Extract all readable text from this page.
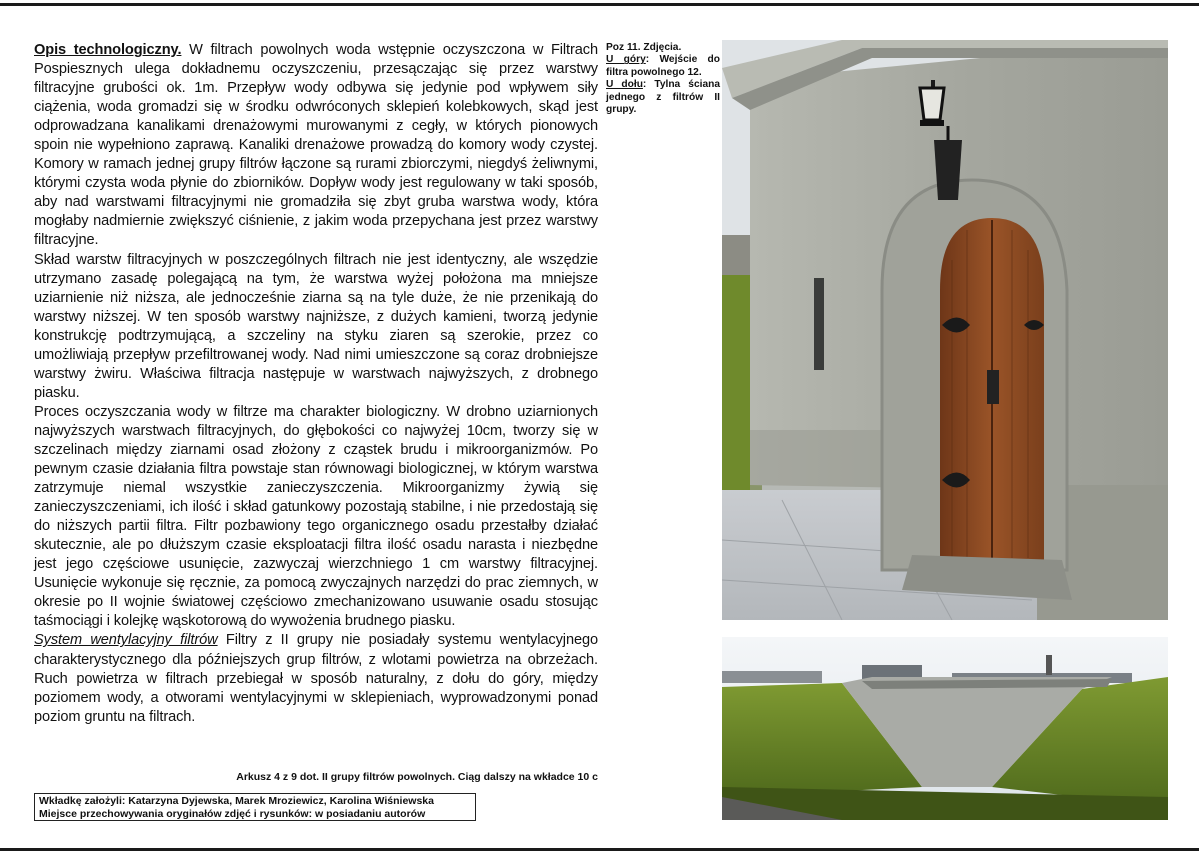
Opis technologiczny. W filtrach powolnych woda wstępnie oczyszczona w Filtrach Pospiesznych ulega dokładnemu oczyszczeniu, przesączając się przez warstwy filtracyjne grubości ok. 1m. Przepływ wody odbywa się jedynie pod wpływem siły ciążenia, woda gromadzi się w środku odwróconych sklepień kolebkowych, skąd jest odprowadzana kanalikami drenażowymi murowanymi z cegły, w których pionowych spoin nie wypełniono zaprawą. Kanaliki drenażowe prowadzą do komory wody czystej. Komory w ramach jednej grupy filtrów łączone są rurami zbiorczymi, niegdyś żeliwnymi, którymi czysta woda płynie do zbiorników. Dopływ wody jest regulowany w taki sposób, aby nad warstwami filtracyjnymi nie gromadziła się zbyt gruba warstwa wody, która mogłaby nadmiernie zwiększyć ciśnienie, z jakim woda przepychana jest przez warstwy filtracyjne.

Skład warstw filtracyjnych w poszczególnych filtrach nie jest identyczny, ale wszędzie utrzymano zasadę polegającą na tym, że warstwa wyżej położona ma mniejsze uziarnienie niż niższa, ale jednocześnie ziarna są na tyle duże, że nie przenikają do warstwy niższej. W ten sposób warstwy najniższe, z dużych kamieni, tworzą jedynie konstrukcję podtrzymującą, a szczeliny na styku ziaren są szerokie, przez co umożliwiają przepływ przefiltrowanej wody. Nad nimi umieszczone są coraz drobniejsze warstwy żwiru. Właściwa filtracja następuje w warstwach najwyższych, z drobnego piasku.

Proces oczyszczania wody w filtrze ma charakter biologiczny. W drobno uziarnionych najwyższych warstwach filtracyjnych, do głębokości co najwyżej 10cm, tworzy się w szczelinach między ziarnami osad złożony z cząstek brudu i mikroorganizmów. Po pewnym czasie działania filtra powstaje stan równowagi biologicznej, w którym warstwa zatrzymuje niemal wszystkie zanieczyszczenia. Mikroorganizmy żywią się zanieczyszczeniami, ich ilość i skład gatunkowy pozostają stabilne, i nie przedostają się do niższych partii filtra. Filtr pozbawiony tego organicznego osadu przestałby działać skutecznie, ale po dłuższym czasie eksploatacji filtra ilość osadu narasta i niezbędne jest jego częściowe usunięcie, zazwyczaj wierzchniego 1 cm warstwy filtracyjnej. Usunięcie wykonuje się ręcznie, za pomocą zwyczajnych narzędzi do prac ziemnych, w okresie po II wojnie światowej częściowo zmechanizowano usuwanie osadu stosując taśmociągi i kolejkę wąskotorową do wywożenia brudnego piasku.

System wentylacyjny filtrów Filtry z II grupy nie posiadały systemu wentylacyjnego charakterystycznego dla późniejszych grup filtrów, z wlotami powietrza na obrzeżach. Ruch powietrza w filtrach przebiegał w sposób naturalny, z dołu do góry, między poziomem wody, a otworami wentylacyjnymi w sklepieniach, wyprowadzonymi ponad poziom gruntu na filtrach.

Arkusz 4 z 9 dot. II grupy filtrów powolnych. Ciąg dalszy na wkładce 10 c
Wkładkę założyli: Katarzyna Dyjewska, Marek Mroziewicz, Karolina Wiśniewska
Miejsce przechowywania oryginałów zdjęć i rysunków: w posiadaniu autorów

Poz 11. Zdjęcia.

U góry: Wejście do filtra powolnego 12.

U dołu: Tylna ściana jednego z filtrów II grupy.
